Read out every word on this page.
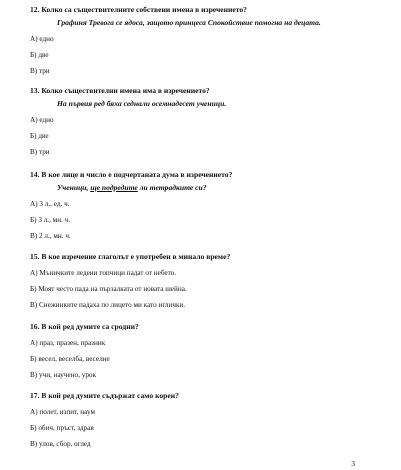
12. Колко са съществителните собствени имена в изречението?
Графиня Тревога се ядоса, защото принцеса Спокойствие помогна на децата.
А) едно
Б) две
В) три
13. Колко съществителни имена има в изречението?
На първия ред бяха седнали осемнадесет ученици.
А) едно
Б) две
В) три
14. В кое лице и число е подчертаната дума в изречението?
Ученици, ще подредите ли тетрадките си?
А) 3 л., ед. ч.
Б) 3 л., мн. ч.
В) 2 л., мн. ч.
15. В кое изречение глаголът е употребен в минало време?
А) Мъничките ледени топчици падат от небето.
Б) Моят често пада на пързалката от новата шейна.
В) Снежинките падаха по лицето ми като иглички.
16. В кой ред думите са сродни?
А) праз, празен, празник
Б) весел, веселба, веселие
В) учи, научено, урок
17. В кой ред думите съдържат само корен?
А) полет, изпит, наум
Б) обич, пръст, здрав
В) улов, сбор, оглед
3
